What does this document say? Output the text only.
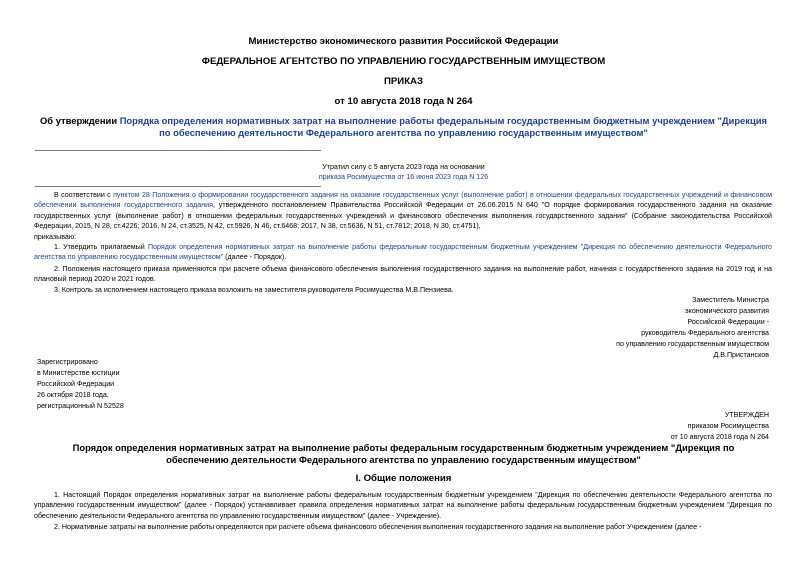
Министерство экономического развития Российской Федерации
ФЕДЕРАЛЬНОЕ АГЕНТСТВО ПО УПРАВЛЕНИЮ ГОСУДАРСТВЕННЫМ ИМУЩЕСТВОМ
ПРИКАЗ
от 10 августа 2018 года N 264
Об утверждении Порядка определения нормативных затрат на выполнение работы федеральным государственным бюджетным учреждением "Дирекция по обеспечению деятельности Федерального агентства по управлению государственным имуществом"
Утратил силу с 5 августа 2023 года на основании
приказа Росимущества от 16 июня 2023 года N 126
В соответствии с пунктом 28 Положения о формировании государственного задания на оказание государственных услуг (выполнение работ) в отношении федеральных государственных учреждений и финансовом обеспечении выполнения государственного задания, утвержденного постановлением Правительства Российской Федерации от 26.06.2015 N 640 "О порядке формирования государственного задания на оказание государственных услуг (выполнение работ) в отношении федеральных государственных учреждений и финансового обеспечения выполнения государственного задания" (Собрание законодательства Российской Федерации, 2015, N 28, ст.4226; 2016, N 24, ст.3525, N 42, ст.5926, N 46, ст.6468; 2017, N 38, ст.5636, N 51, ст.7812; 2018, N 30, ст.4751),
приказываю:
1. Утвердить прилагаемый Порядок определения нормативных затрат на выполнение работы федеральным государственным бюджетным учреждением "Дирекция по обеспечению деятельности Федерального агентства по управлению государственным имуществом" (далее - Порядок).
2. Положения настоящего приказа применяются при расчете объема финансового обеспечения выполнения государственного задания на выполнение работ, начиная с государственного задания на 2019 год и на плановый период 2020 и 2021 годов.
3. Контроль за исполнением настоящего приказа возложить на заместителя руководителя Росимущества М.В.Пензиева.
Заместитель Министра
экономического развития
Российской Федерации -
руководитель Федерального агентства
по управлению государственным имуществом
Д.В.Пристансков
Зарегистрировано
в Министерстве юстиции
Российской Федерации
26 октября 2018 года,
регистрационный N 52528
УТВЕРЖДЕН
приказом Росимущества
от 10 августа 2018 года N 264
Порядок определения нормативных затрат на выполнение работы федеральным государственным бюджетным учреждением "Дирекция по обеспечению деятельности Федерального агентства по управлению государственным имуществом"
I. Общие положения
1. Настоящий Порядок определения нормативных затрат на выполнение работы федеральным государственным бюджетным учреждением "Дирекция по обеспечению деятельности Федерального агентства по управлению государственным имуществом" (далее - Порядок) устанавливает правила определения нормативных затрат на выполнение работы федеральным государственным бюджетным учреждением "Дирекция по обеспечению деятельности Федерального агентства по управлению государственным имуществом" (далее - Учреждение).
2. Нормативные затраты на выполнение работы определяются при расчете объема финансового обеспечения выполнения государственного задания на выполнение работ Учреждением (далее -
